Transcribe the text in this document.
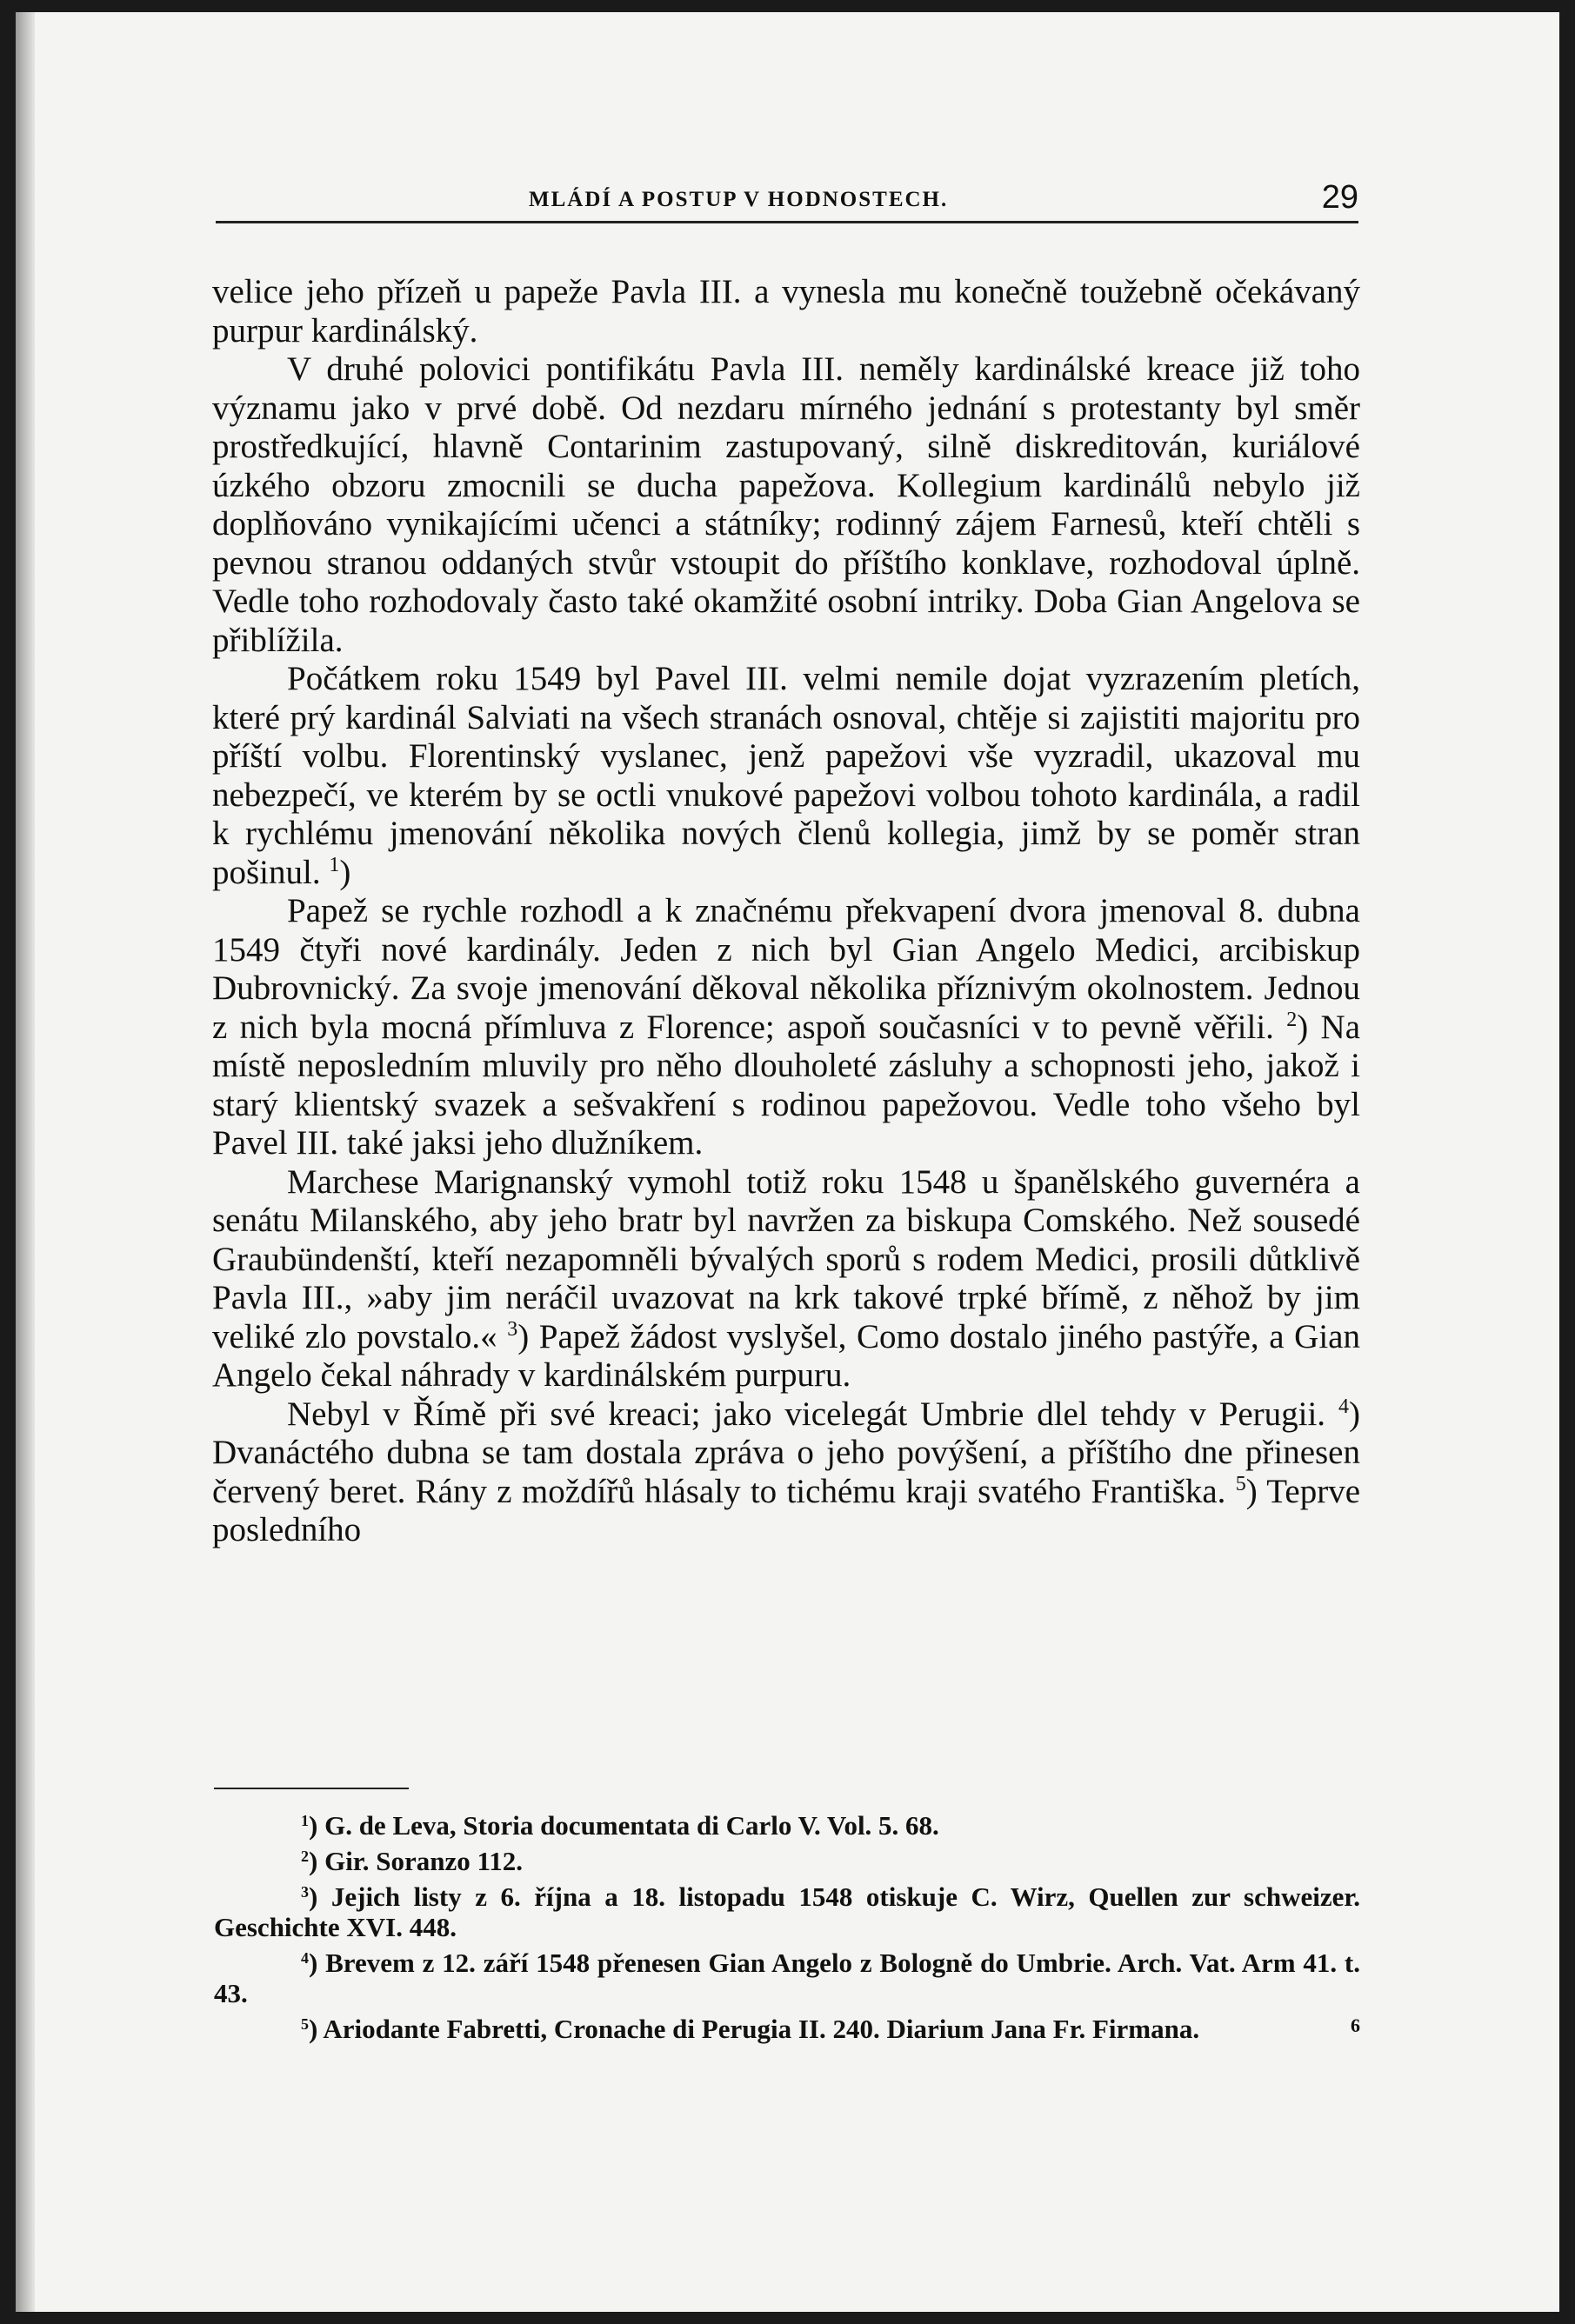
MLÁDÍ A POSTUP V HODNOSTECH.	29

velice jeho přízeň u papeže Pavla III. a vynesla mu konečně toužebně očekávaný purpur kardinálský.

V druhé polovici pontifikátu Pavla III. neměly kardinálské kreace již toho významu jako v prvé době. Od nezdaru mírného jednání s protestanty byl směr prostředkující, hlavně Contarinim zastupovaný, silně diskreditován, kuriálové úzkého obzoru zmocnili se ducha papežova. Kollegium kardinálů nebylo již doplňováno vynikajícími učenci a státníky; rodinný zájem Farnesů, kteří chtěli s pevnou stranou oddaných stvůr vstoupit do příštího konklave, rozhodoval úplně. Vedle toho rozhodovaly často také okamžité osobní intriky. Doba Gian Angelova se přiblížila.

Počátkem roku 1549 byl Pavel III. velmi nemile dojat vyzrazením pletích, které prý kardinál Salviati na všech stranách osnoval, chtěje si zajistiti majoritu pro příští volbu. Florentinský vyslanec, jenž papežovi vše vyzradil, ukazoval mu nebezpečí, ve kterém by se octli vnukové papežovi volbou tohoto kardinála, a radil k rychlému jmenování několika nových členů kollegia, jimž by se poměr stran pošinul. $^1$)

Papež se rychle rozhodl a k značnému překvapení dvora jmenoval 8. dubna 1549 čtyři nové kardinály. Jeden z nich byl Gian Angelo Medici, arcibiskup Dubrovnický. Za svoje jmenování děkoval několika příznivým okolnostem. Jednou z nich byla mocná přímluva z Florence; aspoň současníci v to pevně věřili. $^2$) Na místě neposledním mluvily pro něho dlouholeté zásluhy a schopnosti jeho, jakož i starý klientský svazek a sešvakření s rodinou papežovou. Vedle toho všeho byl Pavel III. také jaksi jeho dlužníkem.

Marchese Marignanský vymohl totiž roku 1548 u španělského guvernéra a senátu Milanského, aby jeho bratr byl navržen za biskupa Comského. Než sousedé Graubündenští, kteří nezapomněli bývalých sporů s rodem Medici, prosili důtklivě Pavla III., »aby jim neráčil uvazovat na krk takové trpké břímě, z něhož by jim veliké zlo povstalo.« $^3$) Papež žádost vyslyšel, Como dostalo jiného pastýře, a Gian Angelo čekal náhrady v kardinálském purpuru.

Nebyl v Římě při své kreaci; jako vicelegát Umbrie dlel tehdy v Perugii. $^4$) Dvanáctého dubna se tam dostala zpráva o jeho povýšení, a příštího dne přinesen červený beret. Rány z moždířů hlásaly to tichému kraji svatého Františka. $^5$) Teprve posledního

$^1$) G. de Leva, Storia documentata di Carlo V. Vol. 5. 68.

$^2$) Gir. Soranzo 112.

$^3$) Jejich listy z 6. října a 18. listopadu 1548 otiskuje C. Wirz, Quellen zur schweizer. Geschichte XVI. 448.

$^4$) Brevem z 12. září 1548 přenesen Gian Angelo z Bologně do Umbrie. Arch. Vat. Arm 41. t. 43.

$^5$) Ariodante Fabretti, Cronache di Perugia II. 240. Diarium Jana Fr. Firmana.	6
